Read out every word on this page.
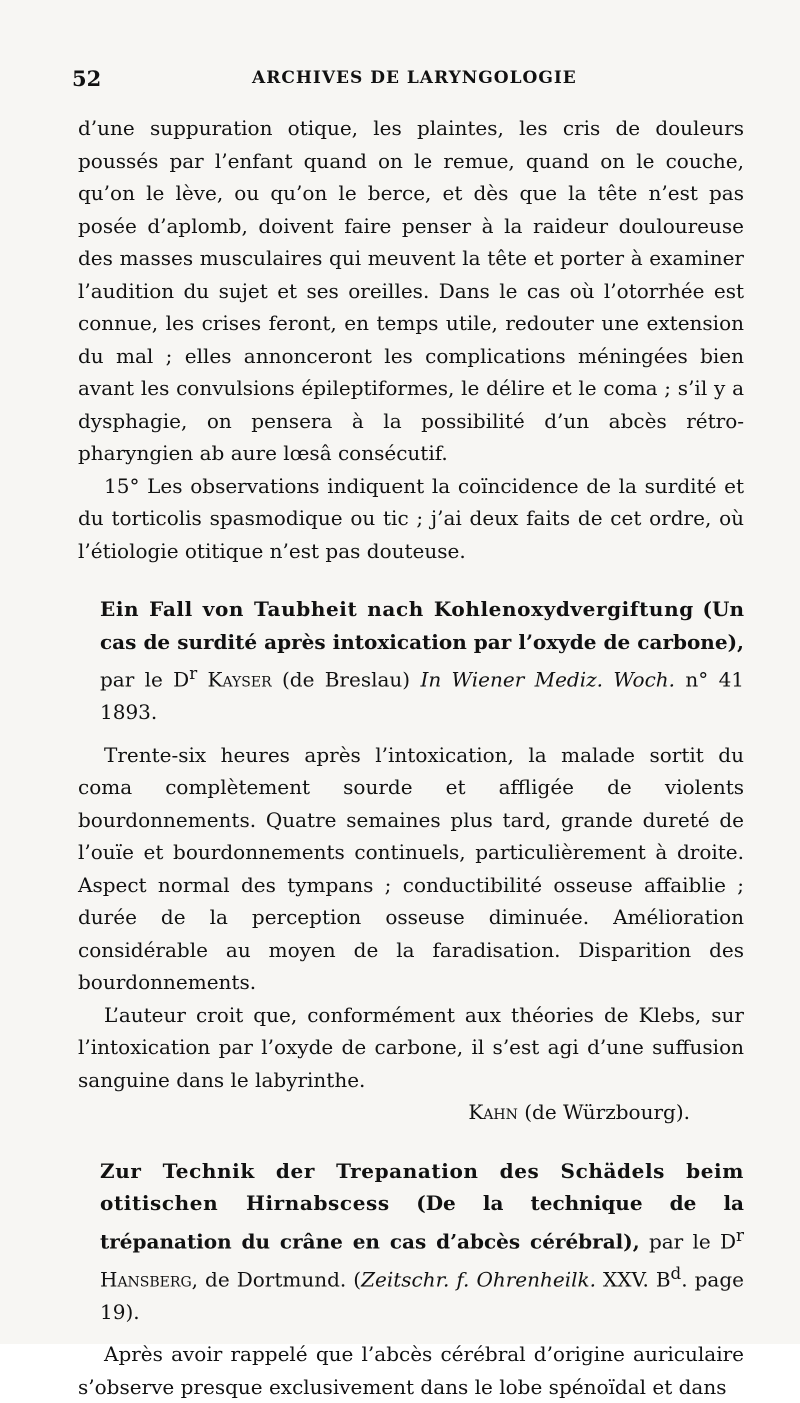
52	ARCHIVES DE LARYNGOLOGIE

d’une suppuration otique, les plaintes, les cris de douleurs poussés par l’enfant quand on le remue, quand on le couche, qu’on le lève, ou qu’on le berce, et dès que la tête n’est pas posée d’aplomb, doivent faire penser à la raideur douloureuse des masses musculaires qui meuvent la tête et porter à examiner l’audition du sujet et ses oreilles. Dans le cas où l’otorrhée est connue, les crises feront, en temps utile, redouter une extension du mal ; elles annonceront les complications méningées bien avant les convulsions épileptiformes, le délire et le coma ; s’il y a dysphagie, on pensera à la possibilité d’un abcès rétro-pharyngien ab aure lœsâ consécutif.

15° Les observations indiquent la coïncidence de la surdité et du torticolis spasmodique ou tic ; j’ai deux faits de cet ordre, où l’étiologie otitique n’est pas douteuse.

Ein Fall von Taubheit nach Kohlenoxydvergiftung (Un cas de surdité après intoxication par l’oxyde de carbone), par le $D^r$ Kayser (de Breslau) In Wiener Mediz. Woch. n° 41 1893.

Trente-six heures après l’intoxication, la malade sortit du coma complètement sourde et affligée de violents bourdonnements. Quatre semaines plus tard, grande dureté de l’ouïe et bourdonnements continuels, particulièrement à droite. Aspect normal des tympans ; conductibilité osseuse affaiblie ; durée de la perception osseuse diminuée. Amélioration considérable au moyen de la faradisation. Disparition des bourdonnements.

L’auteur croit que, conformément aux théories de Klebs, sur l’intoxication par l’oxyde de carbone, il s’est agi d’une suffusion sanguine dans le labyrinthe.

Kahn (de Würzbourg).

Zur Technik der Trepanation des Schädels beim otitischen Hirnabscess (De la technique de la trépanation du crâne en cas d’abcès cérébral), par le $D^r$ Hansberg, de Dortmund. (Zeitschr. f. Ohrenheilk. XXV. $B^d$. page 19).

Après avoir rappelé que l’abcès cérébral d’origine auriculaire s’observe presque exclusivement dans le lobe spénoïdal et dans
